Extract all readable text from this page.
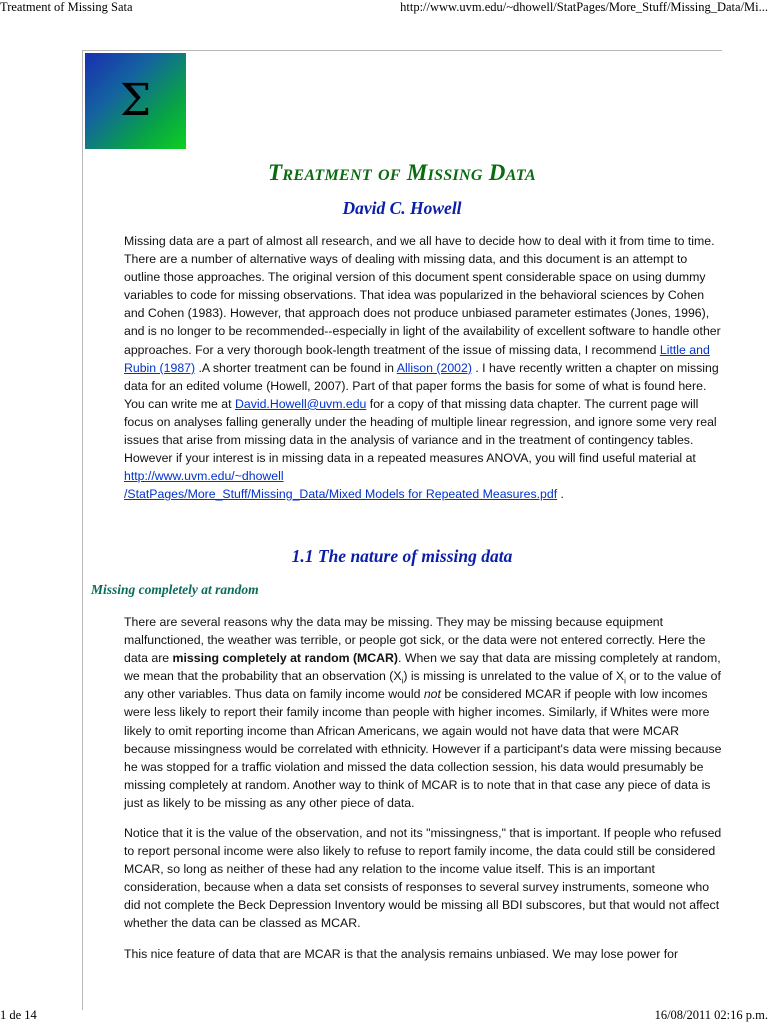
Treatment of Missing Sata	http://www.uvm.edu/~dhowell/StatPages/More_Stuff/Missing_Data/Mi...
Σ
Treatment of Missing Data
David C. Howell
Missing data are a part of almost all research, and we all have to decide how to deal with it from time to time. There are a number of alternative ways of dealing with missing data, and this document is an attempt to outline those approaches. The original version of this document spent considerable space on using dummy variables to code for missing observations. That idea was popularized in the behavioral sciences by Cohen and Cohen (1983). However, that approach does not produce unbiased parameter estimates (Jones, 1996), and is no longer to be recommended--especially in light of the availability of excellent software to handle other approaches. For a very thorough book-length treatment of the issue of missing data, I recommend Little and Rubin (1987) .A shorter treatment can be found in Allison (2002) . I have recently written a chapter on missing data for an edited volume (Howell, 2007). Part of that paper forms the basis for some of what is found here. You can write me at David.Howell@uvm.edu for a copy of that missing data chapter. The current page will focus on analyses falling generally under the heading of multiple linear regression, and ignore some very real issues that arise from missing data in the analysis of variance and in the treatment of contingency tables. However if your interest is in missing data in a repeated measures ANOVA, you will find useful material at http://www.uvm.edu/~dhowell
/StatPages/More_Stuff/Missing_Data/Mixed Models for Repeated Measures.pdf .
1.1 The nature of missing data
Missing completely at random
There are several reasons why the data may be missing. They may be missing because equipment malfunctioned, the weather was terrible, or people got sick, or the data were not entered correctly. Here the data are missing completely at random (MCAR). When we say that data are missing completely at random, we mean that the probability that an observation $(X_i)$ is missing is unrelated to the value of $X_i$ or to the value of any other variables. Thus data on family income would not be considered MCAR if people with low incomes were less likely to report their family income than people with higher incomes. Similarly, if Whites were more likely to omit reporting income than African Americans, we again would not have data that were MCAR because missingness would be correlated with ethnicity. However if a participant's data were missing because he was stopped for a traffic violation and missed the data collection session, his data would presumably be missing completely at random. Another way to think of MCAR is to note that in that case any piece of data is just as likely to be missing as any other piece of data.
Notice that it is the value of the observation, and not its "missingness," that is important. If people who refused to report personal income were also likely to refuse to report family income, the data could still be considered MCAR, so long as neither of these had any relation to the income value itself. This is an important consideration, because when a data set consists of responses to several survey instruments, someone who did not complete the Beck Depression Inventory would be missing all BDI subscores, but that would not affect whether the data can be classed as MCAR.
This nice feature of data that are MCAR is that the analysis remains unbiased. We may lose power for
1 de 14	16/08/2011 02:16 p.m.
